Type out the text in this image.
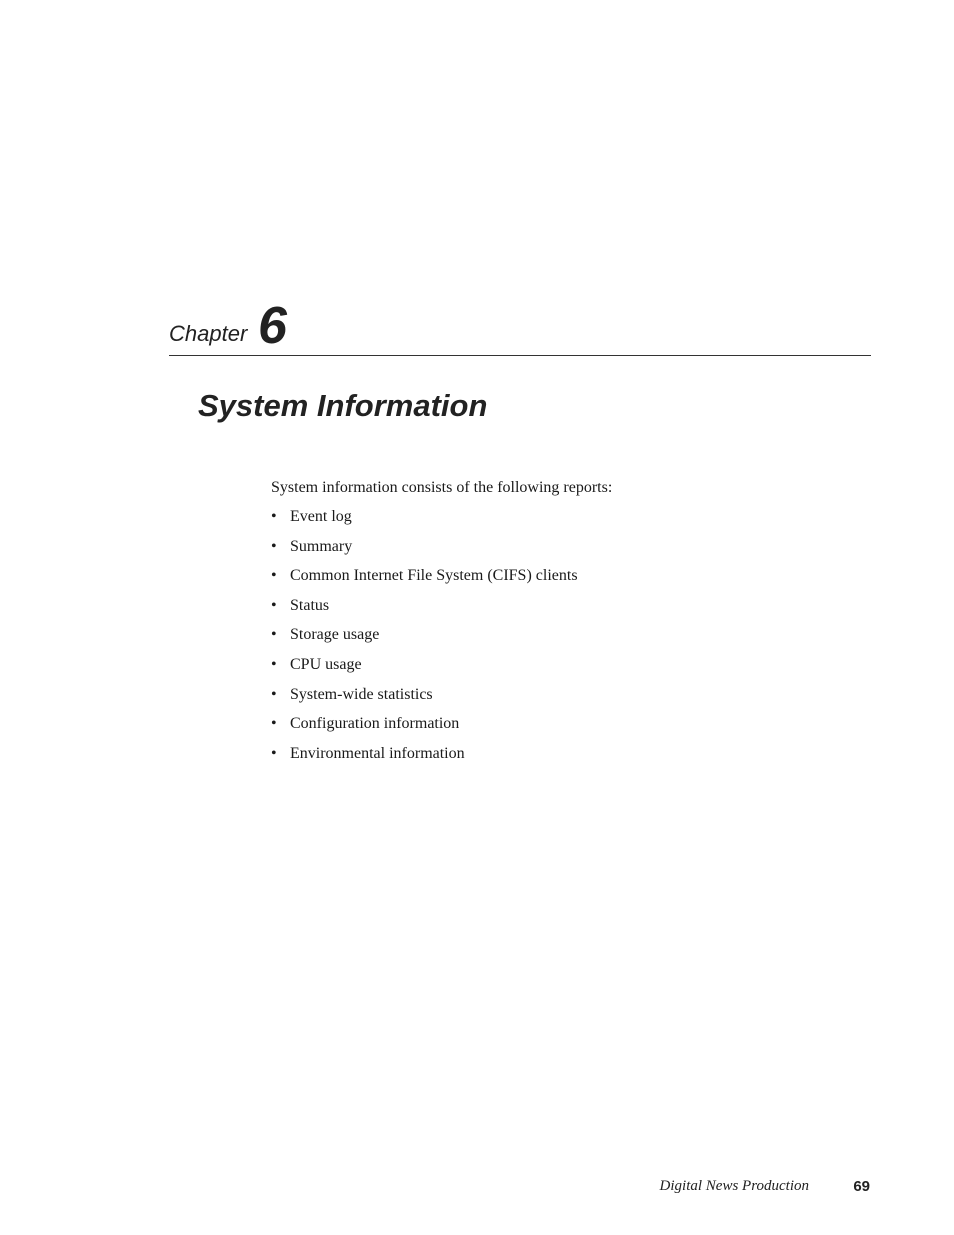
Chapter 6
System Information

System information consists of the following reports:

• Event log
• Summary
• Common Internet File System (CIFS) clients
• Status
• Storage usage
• CPU usage
• System-wide statistics
• Configuration information
• Environmental information
Digital News Production	69
